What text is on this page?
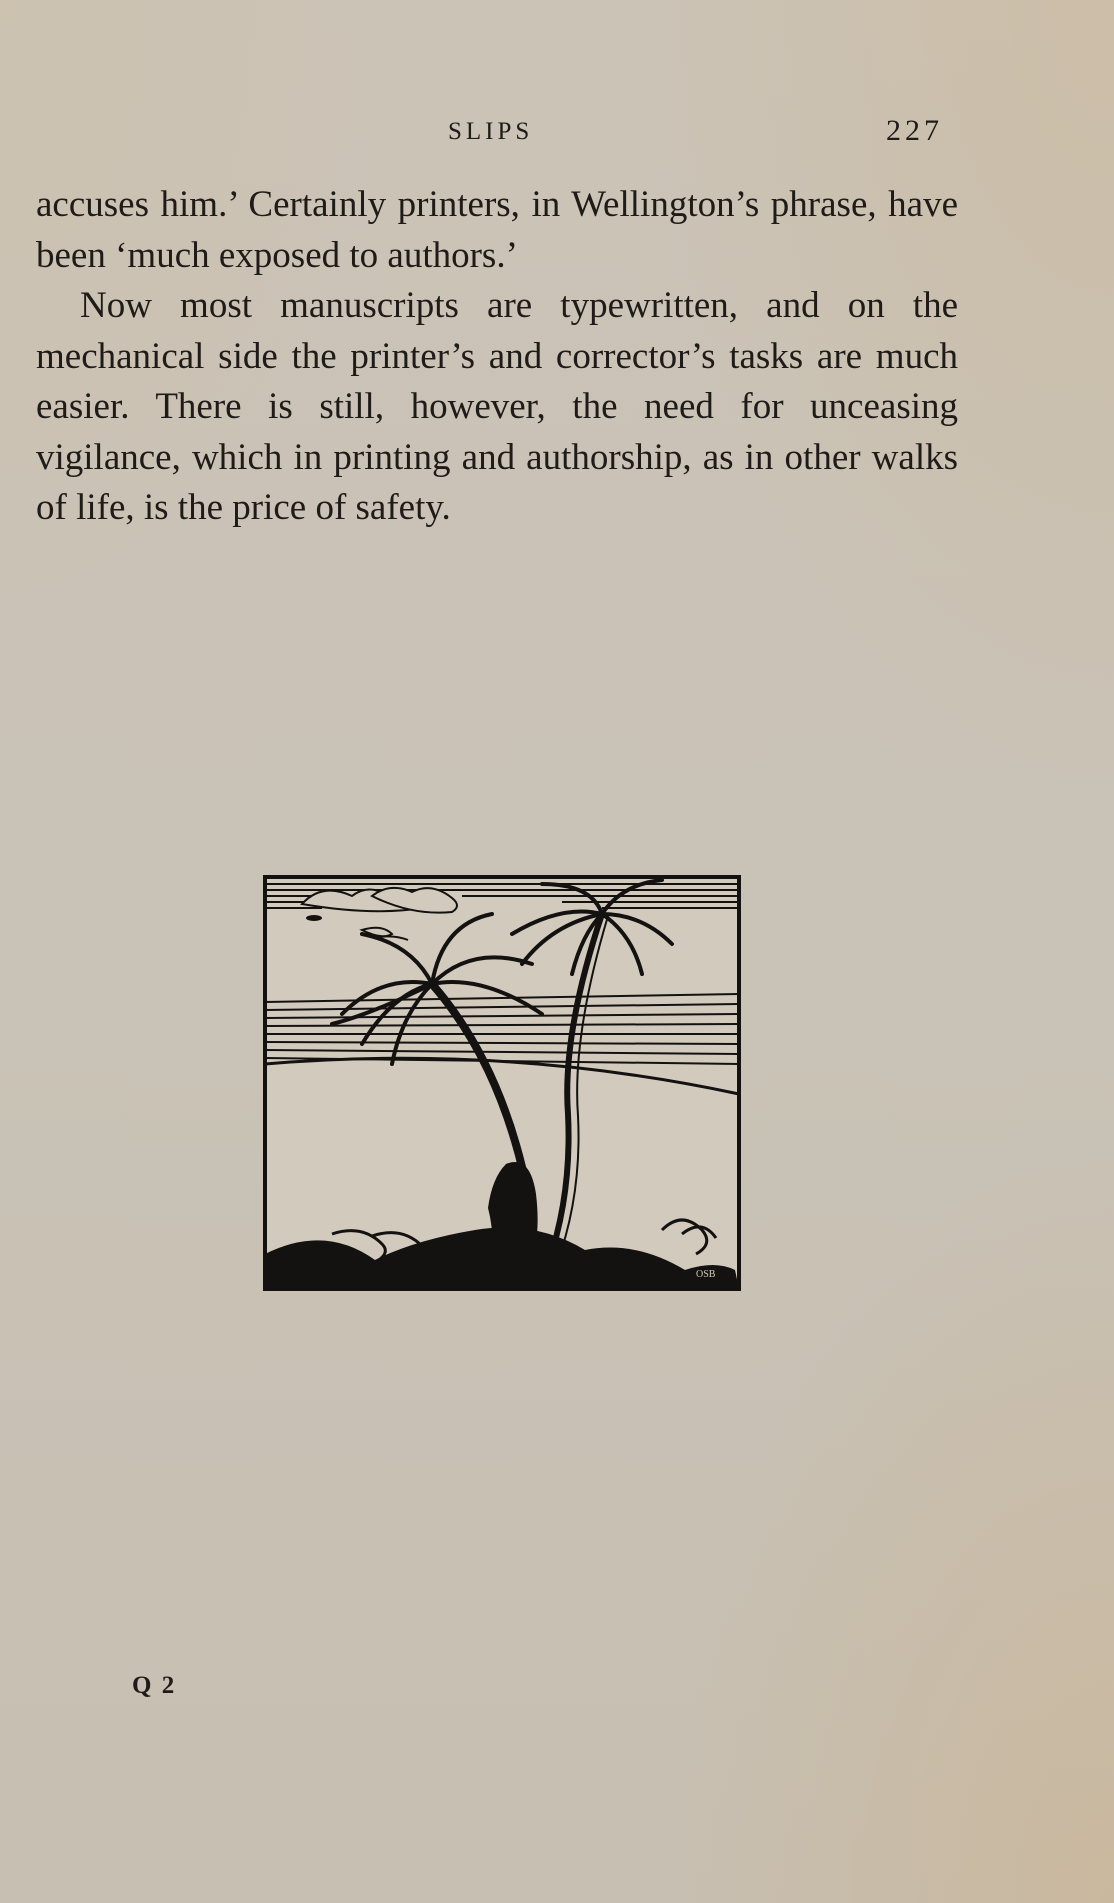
SLIPS	227

accuses him.’ Certainly printers, in Wellington’s phrase, have been ‘much exposed to authors.’

Now most manuscripts are typewritten, and on the mechanical side the printer’s and corrector’s tasks are much easier. There is still, however, the need for unceasing vigilance, which in printing and authorship, as in other walks of life, is the price of safety.

OSB
Q 2
